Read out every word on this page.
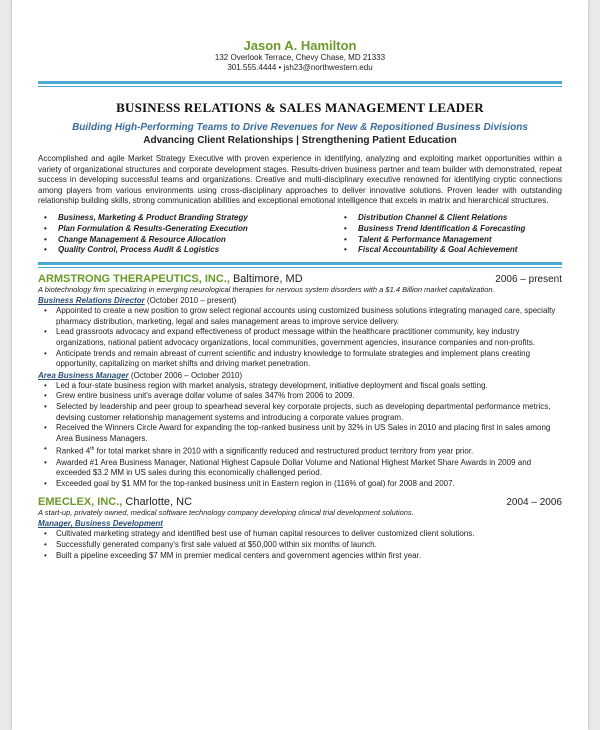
Jason A. Hamilton
132 Overlook Terrace, Chevy Chase, MD 21333
301.555.4444 • jsh23@northwestern.edu
BUSINESS RELATIONS & SALES MANAGEMENT LEADER
Building High-Performing Teams to Drive Revenues for New & Repositioned Business Divisions
Advancing Client Relationships | Strengthening Patient Education
Accomplished and agile Market Strategy Executive with proven experience in identifying, analyzing and exploiting market opportunities within a variety of organizational structures and corporate development stages. Results-driven business partner and team builder with demonstrated, repeat success in developing successful teams and organizations. Creative and multi-disciplinary executive renowned for identifying cryptic connections among players from various environments using cross-disciplinary approaches to deliver innovative solutions. Proven leader with outstanding relationship building skills, strong communication abilities and exceptional emotional intelligence that excels in matrix and hierarchical structures.
• Business, Marketing & Product Branding Strategy
• Plan Formulation & Results-Generating Execution
• Change Management & Resource Allocation
• Quality Control, Process Audit & Logistics
• Distribution Channel & Client Relations
• Business Trend Identification & Forecasting
• Talent & Performance Management
• Fiscal Accountability & Goal Achievement
ARMSTRONG THERAPEUTICS, INC., Baltimore, MD	2006 – present
A biotechnology firm specializing in emerging neurological therapies for nervous system disorders with a $1.4 Billion market capitalization.
Business Relations Director (October 2010 – present)
• Appointed to create a new position to grow select regional accounts using customized business solutions integrating managed care, specialty pharmacy distribution, marketing, legal and sales management areas to improve service delivery.
• Lead grassroots advocacy and expand effectiveness of product message within the healthcare practitioner community, key industry organizations, national patient advocacy organizations, local communities, government agencies, insurance companies and non-profits.
• Anticipate trends and remain abreast of current scientific and industry knowledge to formulate strategies and implement plans creating opportunity, capitalizing on market shifts and driving market penetration.
Area Business Manager (October 2006 – October 2010)
• Led a four-state business region with market analysis, strategy development, initiative deployment and fiscal goals setting.
• Grew entire business unit's average dollar volume of sales 347% from 2006 to 2009.
• Selected by leadership and peer group to spearhead several key corporate projects, such as developing departmental performance metrics, devising customer relationship management systems and introducing a corporate values program.
• Received the Winners Circle Award for expanding the top-ranked business unit by 32% in US Sales in 2010 and placing first in sales among Area Business Managers.
• Ranked 4th for total market share in 2010 with a significantly reduced and restructured product territory from year prior.
• Awarded #1 Area Business Manager, National Highest Capsule Dollar Volume and National Highest Market Share Awards in 2009 and exceeded $3.2 MM in US sales during this economically challenged period.
• Exceeded goal by $1 MM for the top-ranked business unit in Eastern region in (116% of goal) for 2008 and 2007.
EMECLEX, INC., Charlotte, NC	2004 – 2006
A start-up, privately owned, medical software technology company developing clinical trial development solutions.
Manager, Business Development
• Cultivated marketing strategy and identified best use of human capital resources to deliver customized client solutions.
• Successfully generated company's first sale valued at $50,000 within six months of launch.
• Built a pipeline exceeding $7 MM in premier medical centers and government agencies within first year.
